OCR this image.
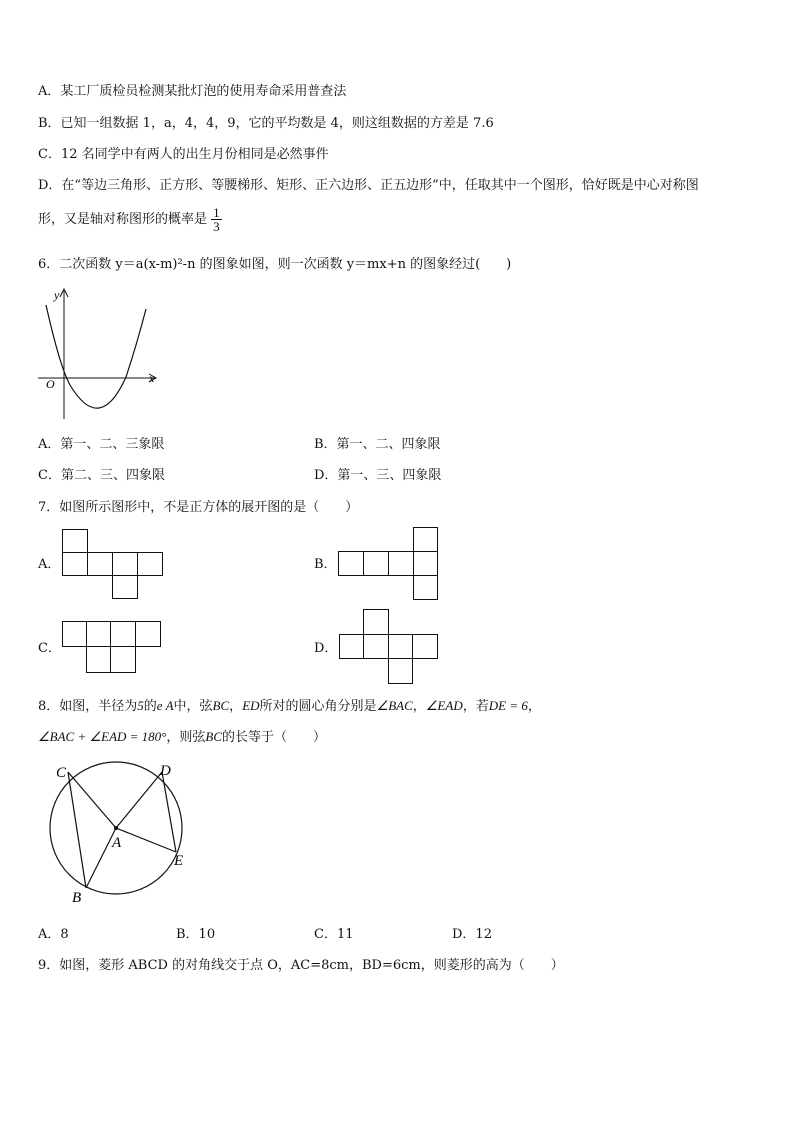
A．某工厂质检员检测某批灯泡的使用寿命采用普查法
B．已知一组数据 1，a，4，4，9，它的平均数是 4，则这组数据的方差是 7.6
C．12 名同学中有两人的出生月份相同是必然事件
D．在“等边三角形、正方形、等腰梯形、矩形、正六边形、正五边形”中，任取其中一个图形，恰好既是中心对称图
形，又是轴对称图形的概率是 $\frac{1}{3}$
6．二次函数 y＝a(x-m)²-n 的图象如图，则一次函数 y＝mx+n 的图象经过(　　)
y
x
O
A．第一、二、三象限	B．第一、二、四象限
C．第二、三、四象限	D．第一、三、四象限
7．如图所示图形中，不是正方体的展开图的是（　　）
A．	B．
C．	D．
8．如图，半径为5的e A中，弦BC，ED所对的圆心角分别是∠BAC，∠EAD，若DE = 6，
∠BAC + ∠EAD = 180°，则弦BC的长等于（　　）
C	D
A
E
B
A．8	B．10	C．11	D．12
9．如图，菱形 ABCD 的对角线交于点 O，AC=8cm，BD=6cm，则菱形的高为（　　）
